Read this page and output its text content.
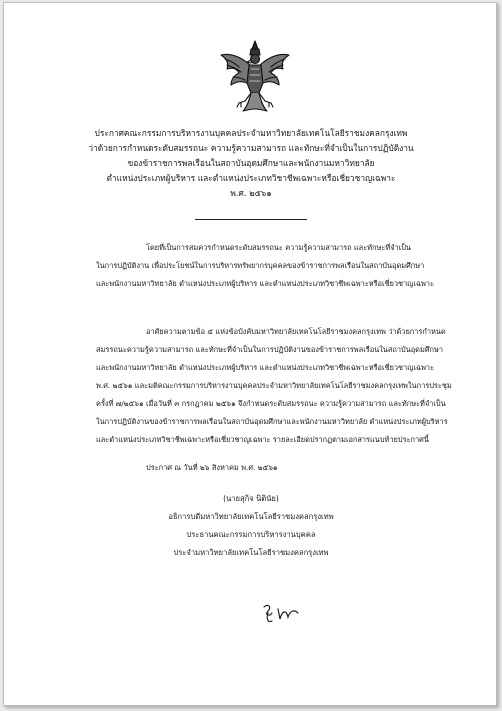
ประกาศคณะกรรมการบริหารงานบุคคลประจำมหาวิทยาลัยเทคโนโลยีราชมงคลกรุงเทพ
ว่าด้วยการกำหนดระดับสมรรถนะ ความรู้ความสามารถ และทักษะที่จำเป็นในการปฏิบัติงาน
ของข้าราชการพลเรือนในสถาบันอุดมศึกษาและพนักงานมหาวิทยาลัย
ตำแหน่งประเภทผู้บริหาร และตำแหน่งประเภทวิชาชีพเฉพาะหรือเชี่ยวชาญเฉพาะ
พ.ศ. ๒๕๖๑
โดยที่เป็นการสมควรกำหนดระดับสมรรถนะ ความรู้ความสามารถ และทักษะที่จำเป็น
ในการปฏิบัติงาน เพื่อประโยชน์ในการบริหารทรัพยากรบุคคลของข้าราชการพลเรือนในสถาบันอุดมศึกษา
และพนักงานมหาวิทยาลัย ตำแหน่งประเภทผู้บริหาร และตำแหน่งประเภทวิชาชีพเฉพาะหรือเชี่ยวชาญเฉพาะ
อาศัยความตามข้อ ๕ แห่งข้อบังคับมหาวิทยาลัยเทคโนโลยีราชมงคลกรุงเทพ ว่าด้วยการกำหนด
สมรรถนะความรู้ความสามารถ และทักษะที่จำเป็นในการปฏิบัติงานของข้าราชการพลเรือนในสถาบันอุดมศึกษา
และพนักงานมหาวิทยาลัย ตำแหน่งประเภทผู้บริหาร และตำแหน่งประเภทวิชาชีพเฉพาะหรือเชี่ยวชาญเฉพาะ
พ.ศ. ๒๕๖๑ และมติคณะกรรมการบริหารงานบุคคลประจำมหาวิทยาลัยเทคโนโลยีราชมงคลกรุงเทพในการประชุม
ครั้งที่ ๗/๒๕๖๑ เมื่อวันที่ ๓ กรกฎาคม ๒๕๖๑ จึงกำหนดระดับสมรรถนะ ความรู้ความสามารถ และทักษะที่จำเป็น
ในการปฏิบัติงานของข้าราชการพลเรือนในสถาบันอุดมศึกษาและพนักงานมหาวิทยาลัย ตำแหน่งประเภทผู้บริหาร
และตำแหน่งประเภทวิชาชีพเฉพาะหรือเชี่ยวชาญเฉพาะ รายละเอียดปรากฏตามเอกสารแนบท้ายประกาศนี้
ประกาศ ณ วันที่ ๒๖ สิงหาคม พ.ศ. ๒๕๖๑
(นายสุกิจ นิตินัย)
อธิการบดีมหาวิทยาลัยเทคโนโลยีราชมงคลกรุงเทพ
ประธานคณะกรรมการบริหารงานบุคคล
ประจำมหาวิทยาลัยเทคโนโลยีราชมงคลกรุงเทพ
